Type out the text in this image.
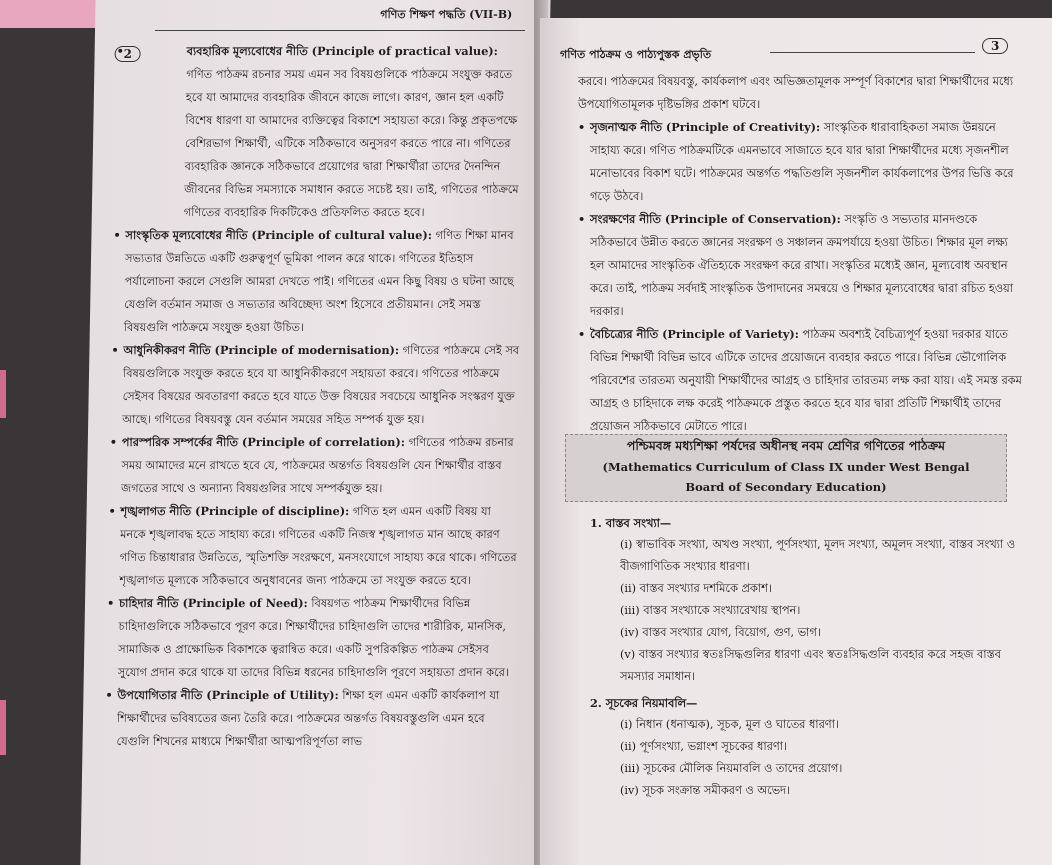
গণিত শিক্ষণ পদ্ধতি (VII-B)
2

•	ব্যবহারিক মূল্যবোধের নীতি (Principle of practical value): গণিত পাঠক্রম রচনার সময় এমন সব বিষয়গুলিকে পাঠক্রমে সংযুক্ত করতে হবে যা আমাদের ব্যবহারিক জীবনে কাজে লাগে। কারণ, জ্ঞান হল একটি বিশেষ ধারণা যা আমাদের ব্যক্তিত্বের বিকাশে সহায়তা করে। কিন্তু প্রকৃতপক্ষে বেশিরভাগ শিক্ষার্থী, এটিকে সঠিকভাবে অনুসরণ করতে পারে না। গণিতের ব্যবহারিক জ্ঞানকে সঠিকভাবে প্রয়োগের দ্বারা শিক্ষার্থীরা তাদের দৈনন্দিন জীবনের বিভিন্ন সমস্যাকে সমাধান করতে সচেষ্ট হয়। তাই, গণিতের পাঠক্রমে গণিতের ব্যবহারিক দিকটিকেও প্রতিফলিত করতে হবে।

• সাংস্কৃতিক মূল্যবোধের নীতি (Principle of cultural value): গণিত শিক্ষা মানব সভ্যতার উন্নতিতে একটি গুরুত্বপূর্ণ ভূমিকা পালন করে থাকে। গণিতের ইতিহাস পর্যালোচনা করলে সেগুলি আমরা দেখতে পাই। গণিতের এমন কিছু বিষয় ও ঘটনা আছে যেগুলি বর্তমান সমাজ ও সভ্যতার অবিচ্ছেদ্য অংশ হিসেবে প্রতীয়মান। সেই সমস্ত বিষয়গুলি পাঠক্রমে সংযুক্ত হওয়া উচিত।

• আধুনিকীকরণ নীতি (Principle of modernisation): গণিতের পাঠক্রমে সেই সব বিষয়গুলিকে সংযুক্ত করতে হবে যা আধুনিকীকরণে সহায়তা করবে। গণিতের পাঠক্রমে সেইসব বিষয়ের অবতারণা করতে হবে যাতে উক্ত বিষয়ের সবচেয়ে আধুনিক সংস্করণ যুক্ত আছে। গণিতের বিষয়বস্তু যেন বর্তমান সময়ের সহিত সম্পর্ক যুক্ত হয়।

• পারস্পরিক সম্পর্কের নীতি (Principle of correlation): গণিতের পাঠক্রম রচনার সময় আমাদের মনে রাখতে হবে যে, পাঠক্রমের অন্তর্গত বিষয়গুলি যেন শিক্ষার্থীর বাস্তব জগতের সাথে ও অন্যান্য বিষয়গুলির সাথে সম্পর্কযুক্ত হয়।

• শৃঙ্খলাগত নীতি (Principle of discipline): গণিত হল এমন একটি বিষয় যা মনকে শৃঙ্খলাবদ্ধ হতে সাহায্য করে। গণিতের একটি নিজস্ব শৃঙ্খলাগত মান আছে কারণ গণিত চিন্তাধারার উন্নতিতে, স্মৃতিশক্তি সংরক্ষণে, মনসংযোগে সাহায্য করে থাকে। গণিতের শৃঙ্খলাগত মূল্যকে সঠিকভাবে অনুধাবনের জন্য পাঠক্রমে তা সংযুক্ত করতে হবে।

• চাহিদার নীতি (Principle of Need): বিষয়গত পাঠক্রম শিক্ষার্থীদের বিভিন্ন চাহিদাগুলিকে সঠিকভাবে পূরণ করে। শিক্ষার্থীদের চাহিদাগুলি তাদের শারীরিক, মানসিক, সামাজিক ও প্রাক্ষোভিক বিকাশকে ত্বরান্বিত করে। একটি সুপরিকল্পিত পাঠক্রম সেইসব সুযোগ প্রদান করে থাকে যা তাদের বিভিন্ন ধরনের চাহিদাগুলি পূরণে সহায়তা প্রদান করে।

• উপযোগিতার নীতি (Principle of Utility): শিক্ষা হল এমন একটি কার্যকলাপ যা শিক্ষার্থীদের ভবিষ্যতের জন্য তৈরি করে। পাঠক্রমের অন্তর্গত বিষয়বস্তুগুলি এমন হবে যেগুলি শিখনের মাধ্যমে শিক্ষার্থীরা আত্মপরিপূর্ণতা লাভ

গণিত পাঠক্রম ও পাঠ্যপুস্তক প্রভৃতি
3

করবে। পাঠক্রমের বিষয়বস্তু, কার্যকলাপ এবং অভিজ্ঞতামূলক সম্পূর্ণ বিকাশের দ্বারা শিক্ষার্থীদের মধ্যে উপযোগিতামূলক দৃষ্টিভঙ্গির প্রকাশ ঘটবে।

• সৃজনাত্মক নীতি (Principle of Creativity): সাংস্কৃতিক ধারাবাহিকতা সমাজ উন্নয়নে সাহায্য করে। গণিত পাঠক্রমটিকে এমনভাবে সাজাতে হবে যার দ্বারা শিক্ষার্থীদের মধ্যে সৃজনশীল মনোভাবের বিকাশ ঘটে। পাঠক্রমের অন্তর্গত পদ্ধতিগুলি সৃজনশীল কার্যকলাপের উপর ভিত্তি করে গড়ে উঠবে।

• সংরক্ষণের নীতি (Principle of Conservation): সংস্কৃতি ও সভ্যতার মানদণ্ডকে সঠিকভাবে উন্নীত করতে জ্ঞানের সংরক্ষণ ও সঞ্চালন ক্রমপর্যায়ে হওয়া উচিত। শিক্ষার মূল লক্ষ্য হল আমাদের সাংস্কৃতিক ঐতিহ্যকে সংরক্ষণ করে রাখা। সংস্কৃতির মধ্যেই জ্ঞান, মূল্যবোধ অবস্থান করে। তাই, পাঠক্রম সর্বদাই সাংস্কৃতিক উপাদানের সমন্বয়ে ও শিক্ষার মূল্যবোধের দ্বারা রচিত হওয়া দরকার।

• বৈচিত্র্যের নীতি (Principle of Variety): পাঠক্রম অবশ্যই বৈচিত্র্যপূর্ণ হওয়া দরকার যাতে বিভিন্ন শিক্ষার্থী বিভিন্ন ভাবে এটিকে তাদের প্রয়োজনে ব্যবহার করতে পারে। বিভিন্ন ভৌগোলিক পরিবেশের তারতম্য অনুযায়ী শিক্ষার্থীদের আগ্রহ ও চাহিদার তারতম্য লক্ষ করা যায়। এই সমস্ত রকম আগ্রহ ও চাহিদাকে লক্ষ করেই পাঠক্রমকে প্রস্তুত করতে হবে যার দ্বারা প্রতিটি শিক্ষার্থীই তাদের প্রয়োজন সঠিকভাবে মেটাতে পারে।

পশ্চিমবঙ্গ মধ্যশিক্ষা পর্ষদের অধীনস্থ নবম শ্রেণির গণিতের পাঠক্রম

(Mathematics Curriculum of Class IX under West Bengal

Board of Secondary Education)

1. বাস্তব সংখ্যা—

(i) স্বাভাবিক সংখ্যা, অখণ্ড সংখ্যা, পূর্ণসংখ্যা, মূলদ সংখ্যা, অমূলদ সংখ্যা, বাস্তব সংখ্যা ও বীজগাণিতিক সংখ্যার ধারণা।

(ii) বাস্তব সংখ্যার দশমিকে প্রকাশ।

(iii) বাস্তব সংখ্যাকে সংখ্যারেখায় স্থাপন।

(iv) বাস্তব সংখ্যার যোগ, বিয়োগ, গুণ, ভাগ।

(v) বাস্তব সংখ্যার স্বতঃসিদ্ধগুলির ধারণা এবং স্বতঃসিদ্ধগুলি ব্যবহার করে সহজ বাস্তব সমস্যার সমাধান।

2. সূচকের নিয়মাবলি—

(i) নিধান (ধনাত্মক), সূচক, মূল ও ঘাতের ধারণা।

(ii) পূর্ণসংখ্যা, ভগ্নাংশ সূচকের ধারণা।

(iii) সূচকের মৌলিক নিয়মাবলি ও তাদের প্রয়োগ।

(iv) সূচক সংক্রান্ত সমীকরণ ও অভেদ।
